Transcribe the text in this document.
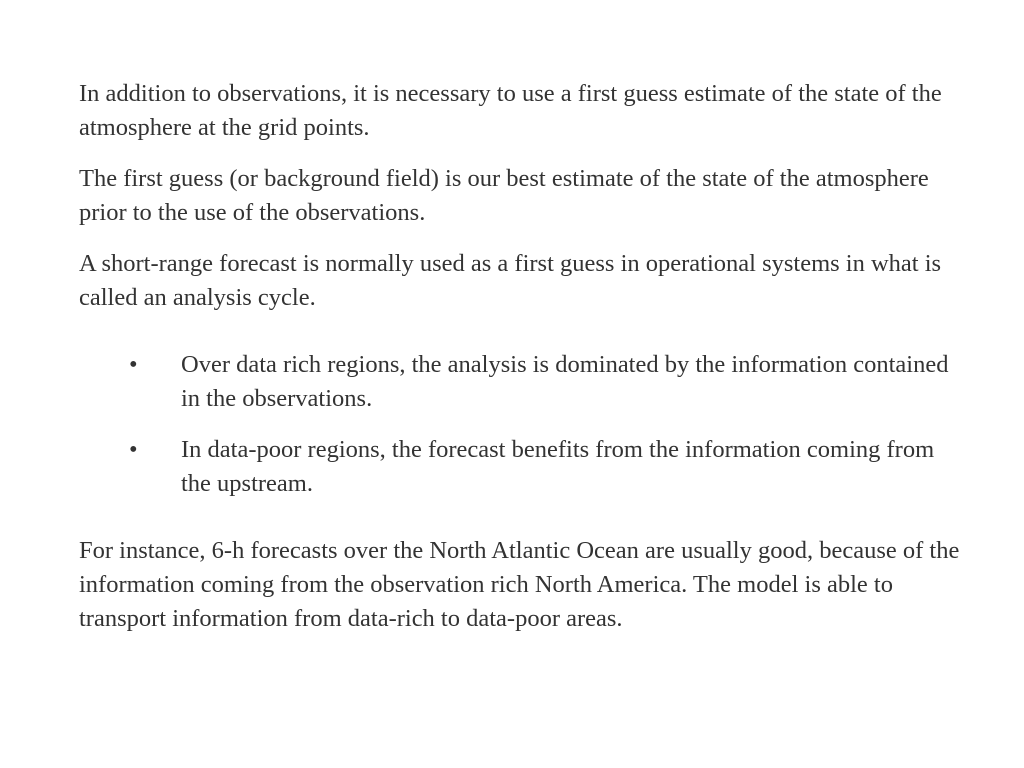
In addition to observations, it is necessary to use a first guess estimate of the state of the atmosphere at the grid points.

The first guess (or background field) is our best estimate of the state of the atmosphere prior to the use of the observations.

A short-range forecast is normally used as a first guess in operational systems in what is called an analysis cycle.

• Over data rich regions, the analysis is dominated by the information contained in the observations.
• In data-poor regions, the forecast benefits from the information coming from the upstream.

For instance, 6-h forecasts over the North Atlantic Ocean are usually good, because of the information coming from the observation rich North America. The model is able to transport information from data-rich to data-poor areas.
